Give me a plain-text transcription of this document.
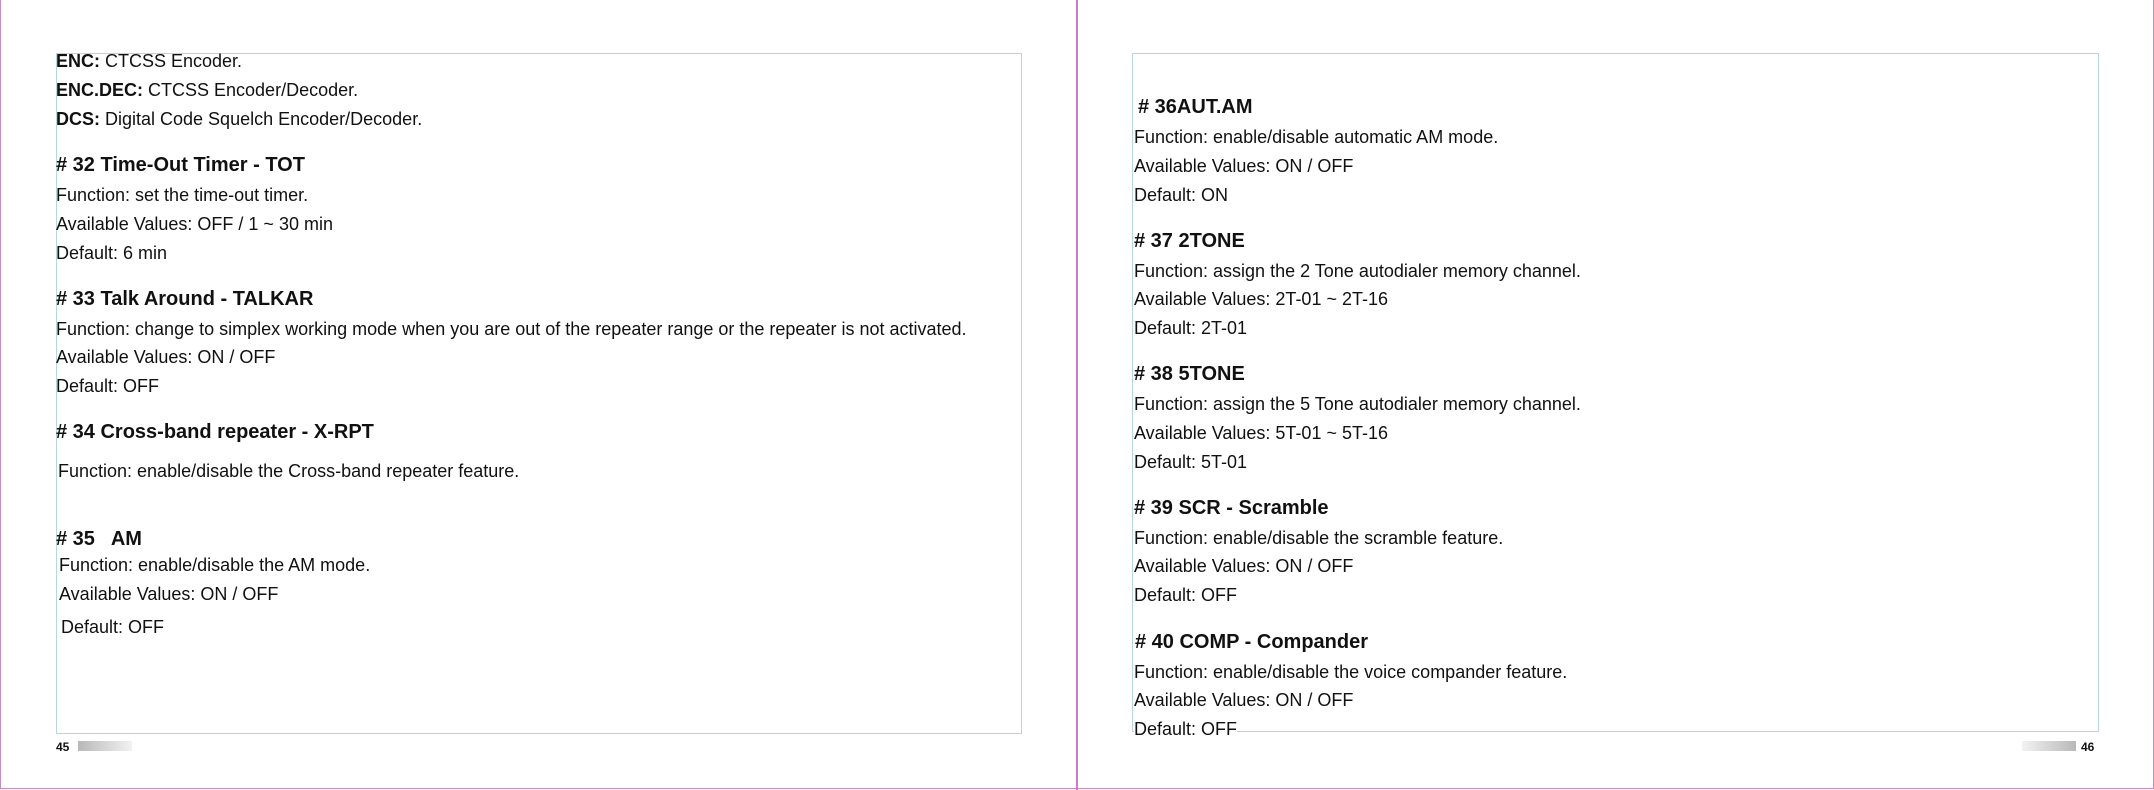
ENC: CTCSS Encoder.
ENC.DEC: CTCSS Encoder/Decoder.
DCS: Digital Code Squelch Encoder/Decoder.
# 32 Time-Out Timer - TOT
Function: set the time-out timer.
Available Values: OFF / 1 ~ 30 min
Default: 6 min
# 33 Talk Around - TALKAR
Function: change to simplex working mode when you are out of the repeater range or the repeater is not activated.
Available Values: ON / OFF
Default: OFF
# 34 Cross-band repeater - X-RPT
Function: enable/disable the Cross-band repeater feature.
# 35   AM
Function: enable/disable the AM mode.
Available Values: ON / OFF
Default: OFF
45
# 36AUT.AM
Function: enable/disable automatic AM mode.
Available Values: ON / OFF
Default: ON
# 37 2TONE
Function: assign the 2 Tone autodialer memory channel.
Available Values: 2T-01 ~ 2T-16
Default: 2T-01
# 38 5TONE
Function: assign the 5 Tone autodialer memory channel.
Available Values: 5T-01 ~ 5T-16
Default: 5T-01
# 39 SCR - Scramble
Function: enable/disable the scramble feature.
Available Values: ON / OFF
Default: OFF
# 40 COMP - Compander
Function: enable/disable the voice compander feature.
Available Values: ON / OFF
Default: OFF
46
